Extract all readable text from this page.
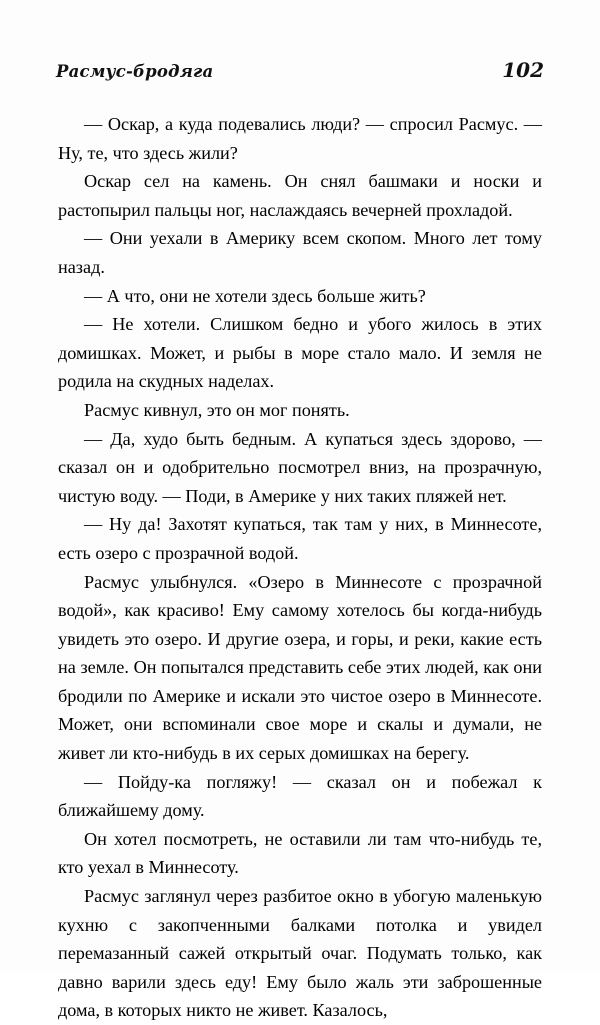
Расмус-бродяга	102

— Оскар, а куда подевались люди? — спросил Расмус. — Ну, те, что здесь жили?

Оскар сел на камень. Он снял башмаки и носки и растопырил пальцы ног, наслаждаясь вечерней прохладой.

— Они уехали в Америку всем скопом. Много лет тому назад.

— А что, они не хотели здесь больше жить?

— Не хотели. Слишком бедно и убого жилось в этих домишках. Может, и рыбы в море стало мало. И земля не родила на скудных наделах.

Расмус кивнул, это он мог понять.

— Да, худо быть бедным. А купаться здесь здорово, — сказал он и одобрительно посмотрел вниз, на прозрачную, чистую воду. — Поди, в Америке у них таких пляжей нет.

— Ну да! Захотят купаться, так там у них, в Миннесоте, есть озеро с прозрачной водой.

Расмус улыбнулся. «Озеро в Миннесоте с прозрачной водой», как красиво! Ему самому хотелось бы когда-нибудь увидеть это озеро. И другие озера, и горы, и реки, какие есть на земле. Он попытался представить себе этих людей, как они бродили по Америке и искали это чистое озеро в Миннесоте. Может, они вспоминали свое море и скалы и думали, не живет ли кто-нибудь в их серых домишках на берегу.

— Пойду-ка погляжу! — сказал он и побежал к ближайшему дому.

Он хотел посмотреть, не оставили ли там что-нибудь те, кто уехал в Миннесоту.

Расмус заглянул через разбитое окно в убогую маленькую кухню с закопченными балками потолка и увидел перемазанный сажей открытый очаг. Подумать только, как давно варили здесь еду! Ему было жаль эти заброшенные дома, в которых никто не живет. Казалось,
